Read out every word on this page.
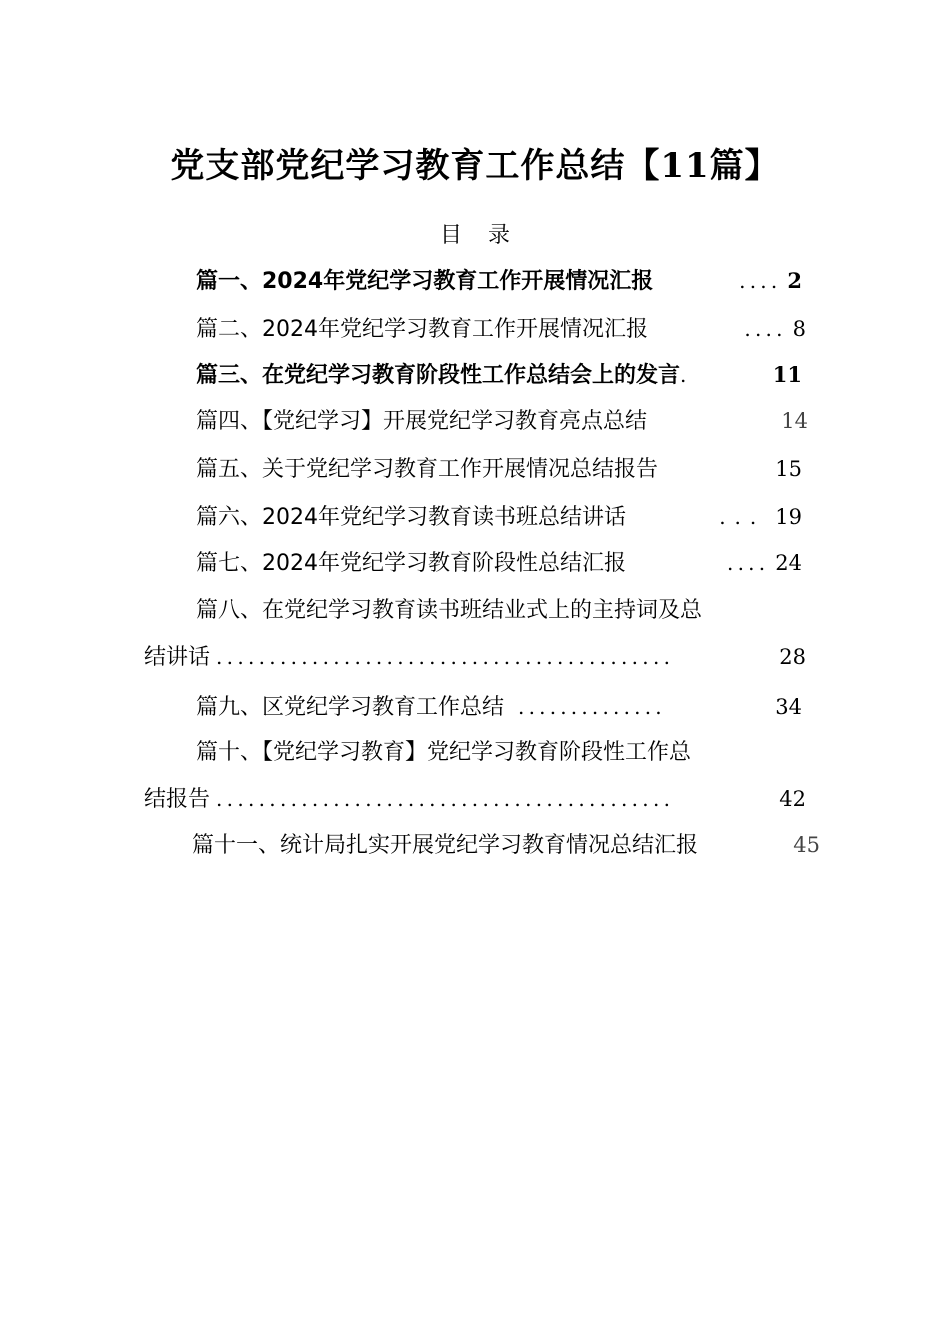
党支部党纪学习教育工作总结【11篇】
目录
篇一、2024年党纪学习教育工作开展情况汇报	.... 2
篇二、2024年党纪学习教育工作开展情况汇报	.... 8
篇三、在党纪学习教育阶段性工作总结会上的发言 .	11
篇四、【党纪学习】开展党纪学习教育亮点总结	14
篇五、关于党纪学习教育工作开展情况总结报告	15
篇六、2024年党纪学习教育读书班总结讲话	... 19
篇七、2024年党纪学习教育阶段性总结汇报	.... 24
篇八、在党纪学习教育读书班结业式上的主持词及总
结讲话 ...........................................	28
篇九、区党纪学习教育工作总结 ..............	34
篇十、【党纪学习教育】党纪学习教育阶段性工作总
结报告 ...........................................	42
篇十一、统计局扎实开展党纪学习教育情况总结汇报	45
